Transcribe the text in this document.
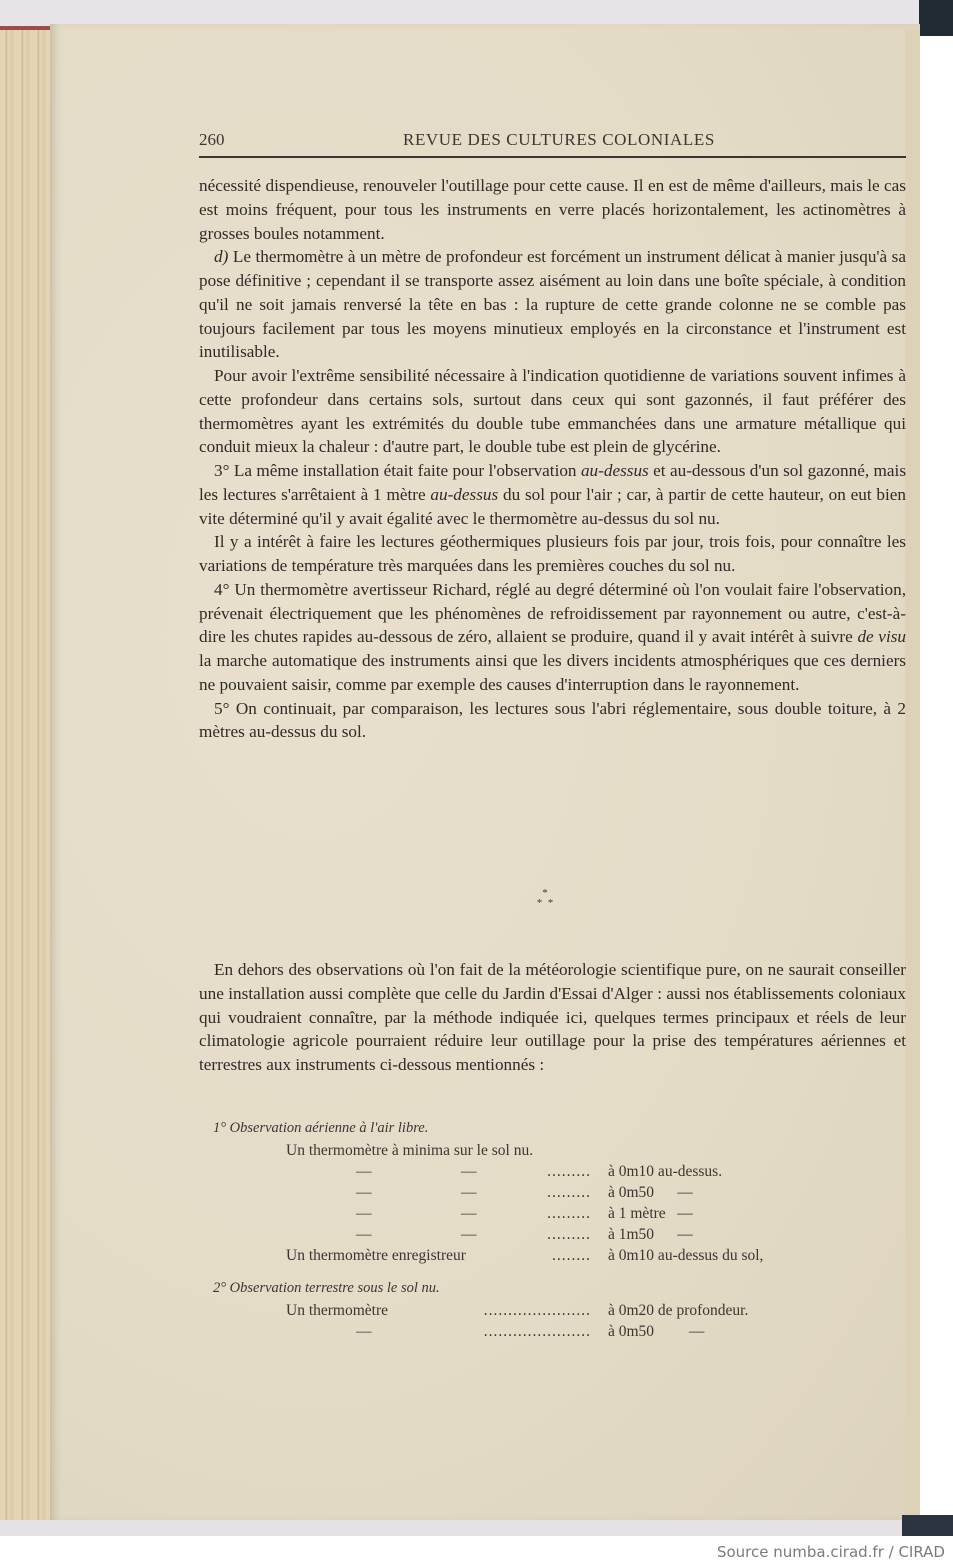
260	REVUE DES CULTURES COLONIALES

nécessité dispendieuse, renouveler l'outillage pour cette cause. Il en est de même d'ailleurs, mais le cas est moins fréquent, pour tous les instruments en verre placés horizontalement, les actinomètres à grosses boules notamment.

d) Le thermomètre à un mètre de profondeur est forcément un instrument délicat à manier jusqu'à sa pose définitive ; cependant il se transporte assez aisément au loin dans une boîte spéciale, à condition qu'il ne soit jamais renversé la tête en bas : la rupture de cette grande colonne ne se comble pas toujours facilement par tous les moyens minutieux employés en la circonstance et l'instrument est inutilisable.

Pour avoir l'extrême sensibilité nécessaire à l'indication quotidienne de variations souvent infimes à cette profondeur dans certains sols, surtout dans ceux qui sont gazonnés, il faut préférer des thermomètres ayant les extrémités du double tube emmanchées dans une armature métallique qui conduit mieux la chaleur : d'autre part, le double tube est plein de glycérine.

3° La même installation était faite pour l'observation au-dessus et au-dessous d'un sol gazonné, mais les lectures s'arrêtaient à 1 mètre au-dessus du sol pour l'air ; car, à partir de cette hauteur, on eut bien vite déterminé qu'il y avait égalité avec le thermomètre au-dessus du sol nu.

Il y a intérêt à faire les lectures géothermiques plusieurs fois par jour, trois fois, pour connaître les variations de température très marquées dans les premières couches du sol nu.

4° Un thermomètre avertisseur Richard, réglé au degré déterminé où l'on voulait faire l'observation, prévenait électriquement que les phénomènes de refroidissement par rayonnement ou autre, c'est-à-dire les chutes rapides au-dessous de zéro, allaient se produire, quand il y avait intérêt à suivre de visu la marche automatique des instruments ainsi que les divers incidents atmosphériques que ces derniers ne pouvaient saisir, comme par exemple des causes d'interruption dans le rayonnement.

5° On continuait, par comparaison, les lectures sous l'abri réglementaire, sous double toiture, à 2 mètres au-dessus du sol.

*
*  *

En dehors des observations où l'on fait de la météorologie scientifique pure, on ne saurait conseiller une installation aussi complète que celle du Jardin d'Essai d'Alger : aussi nos établissements coloniaux qui voudraient connaître, par la méthode indiquée ici, quelques termes principaux et réels de leur climatologie agricole pourraient réduire leur outillage pour la prise des températures aériennes et terrestres aux instruments ci-dessous mentionnés :

1° Observation aérienne à l'air libre.
Un thermomètre à minima sur le sol nu.
—	—	......... à 0m10 au-dessus.
—	—	......... à 0m50      —
—	—	......... à 1 mètre   —
—	—	......... à 1m50      —
Un thermomètre enregistreur	........ à 0m10 au-dessus du sol,
2° Observation terrestre sous le sol nu.
Un thermomètre	...................... à 0m20 de profondeur.
—	...................... à 0m50         —
Source numba.cirad.fr / CIRAD
